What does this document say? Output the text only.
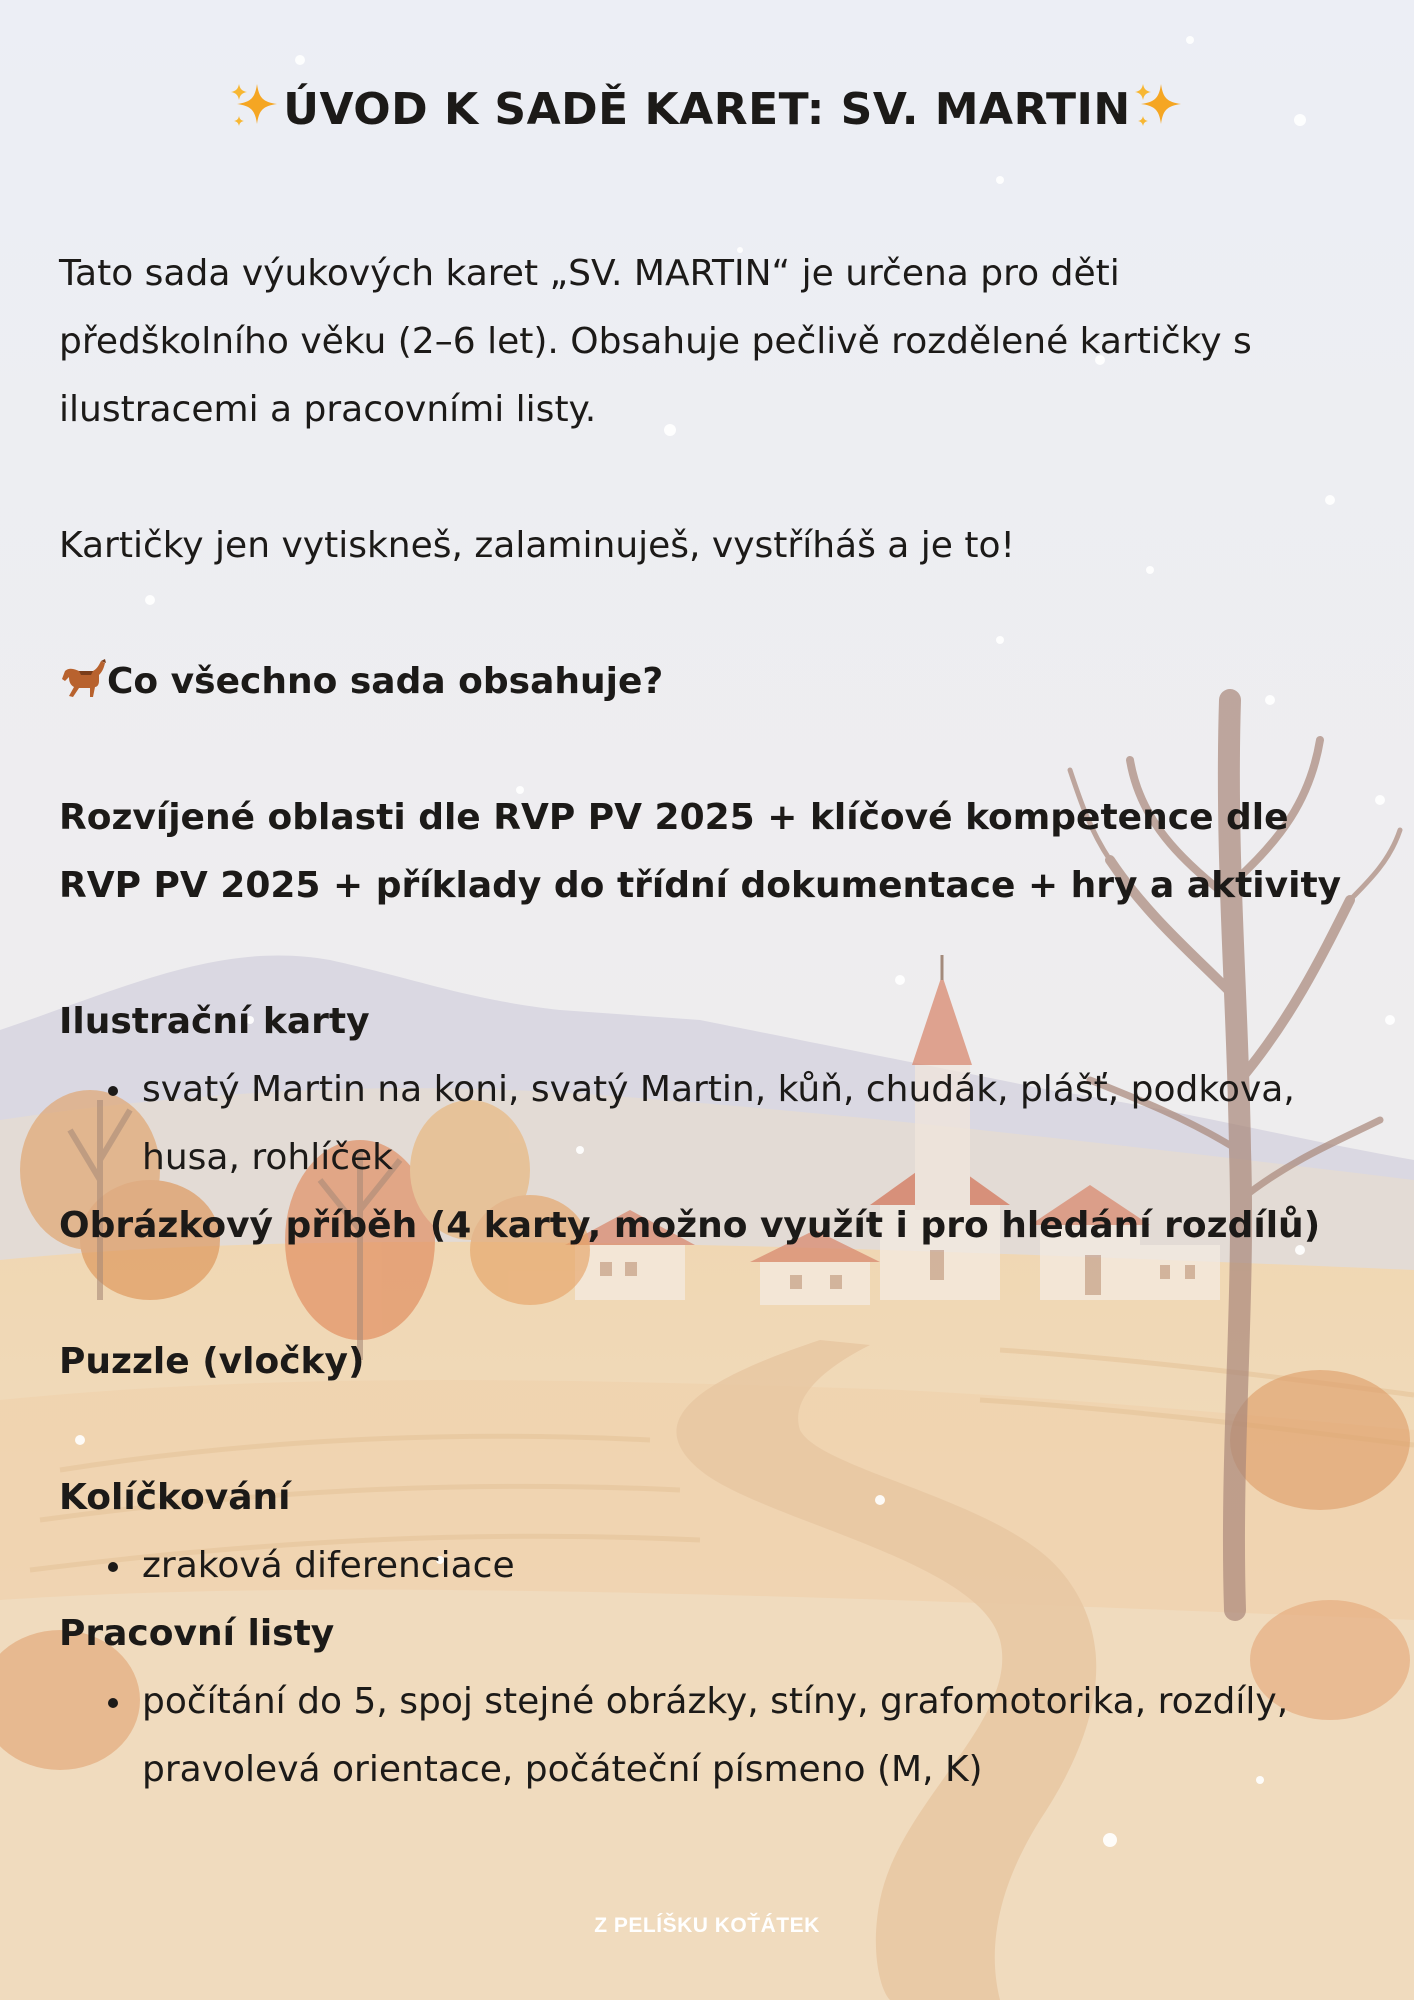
ÚVOD K SADĚ KARET: SV. MARTIN

Tato sada výukových karet „SV. MARTIN“ je určena pro děti předškolního věku (2–6 let). Obsahuje pečlivě rozdělené kartičky s ilustracemi a pracovními listy.

Kartičky jen vytiskneš, zalaminuješ, vystříháš a je to!

Co všechno sada obsahuje?

Rozvíjené oblasti dle RVP PV 2025 + klíčové kompetence dle RVP PV 2025 + příklady do třídní dokumentace + hry a aktivity

Ilustrační karty

svatý Martin na koni, svatý Martin, kůň, chudák, plášť, podkova, husa, rohlíček

Obrázkový příběh (4 karty, možno využít i pro hledání rozdílů)

Puzzle (vločky)

Kolíčkování

zraková diferenciace

Pracovní listy

počítání do 5, spoj stejné obrázky, stíny, grafomotorika, rozdíly, pravolevá orientace, počáteční písmeno (M, K)
Z PELÍŠKU KOŤÁTEK
